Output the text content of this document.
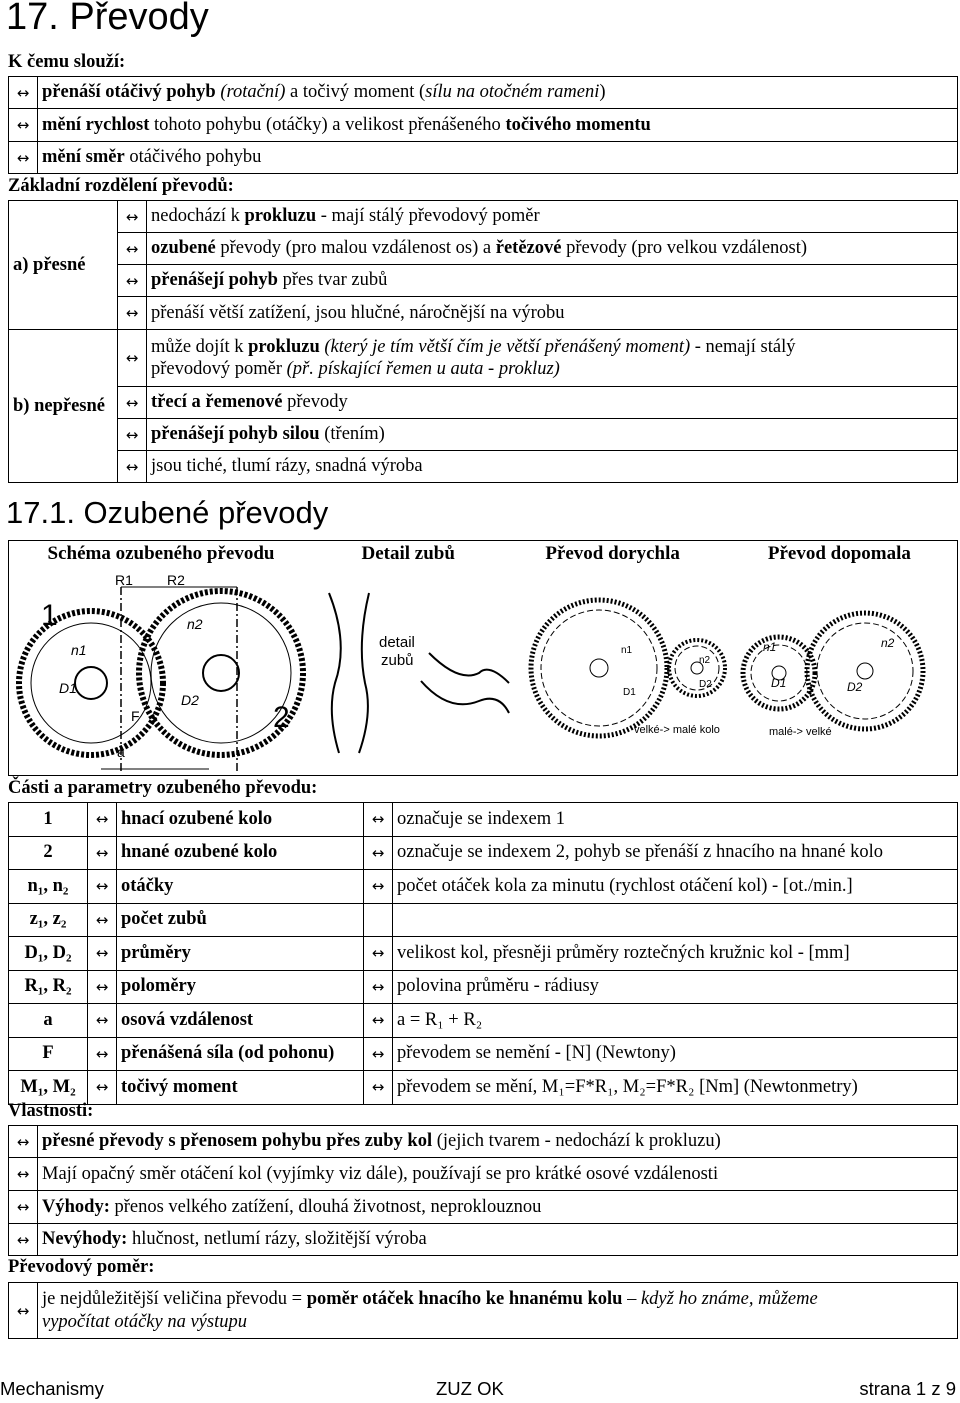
17. Převody
K čemu slouží:
↔	přenáší otáčivý pohyb (rotační) a točivý moment (sílu na otočném rameni)
↔	mění rychlost tohoto pohybu (otáčky) a velikost přenášeného točivého momentu
↔	mění směr otáčivého pohybu
Základní rozdělení převodů:
a) přesné	↔	nedochází k prokluzu - mají stálý převodový poměr
	↔	ozubené převody (pro malou vzdálenost os) a řetězové převody (pro velkou vzdálenost)
	↔	přenášejí pohyb přes tvar zubů
	↔	přenáší větší zatížení, jsou hlučné, náročnější na výrobu
b) nepřesné	↔	může dojít k prokluzu (který je tím větší čím je větší přenášený moment) - nemají stálý
převodový poměr (př. pískající řemen u auta - prokluz)
	↔	třecí a řemenové převody
	↔	přenášejí pohyb silou (třením)
	↔	jsou tiché, tlumí rázy, snadná výroba
17.1. Ozubené převody
Schéma ozubeného převodu	Detail zubů	Převod dorychla	Převod dopomala
R1 R2
1
2
n1
n2
D1
D2
F
a
detail
zubů
n1
n2
D1
D2
velké-> malé kolo
n1	n2
D1	D2
malé-> velké
Části a parametry ozubeného převodu:
1	↔	hnací ozubené kolo	↔	označuje se indexem 1
2	↔	hnané ozubené kolo	↔	označuje se indexem 2, pohyb se přenáší z hnacího na hnané kolo
n₁, n₂	↔	otáčky	↔	počet otáček kola za minutu (rychlost otáčení kol) - [ot./min.]
z₁, z₂	↔	počet zubů		
D₁, D₂	↔	průměry	↔	velikost kol, přesněji průměry roztečných kružnic kol - [mm]
R₁, R₂	↔	poloměry	↔	polovina průměru - rádiusy
a	↔	osová vzdálenost	↔	a = R₁ + R₂
F	↔	přenášená síla (od pohonu)	↔	převodem se nemění - [N] (Newtony)
M₁, M₂	↔	točivý moment	↔	převodem se mění, M₁=F*R₁, M₂=F*R₂ [Nm] (Newtonmetry)
Vlastnosti:
↔	přesné převody s přenosem pohybu přes zuby kol (jejich tvarem - nedochází k prokluzu)
↔	Mají opačný směr otáčení kol (vyjímky viz dále), používají se pro krátké osové vzdálenosti
↔	Výhody: přenos velkého zatížení, dlouhá životnost, neproklouznou
↔	Nevýhody: hlučnost, netlumí rázy, složitější výroba
Převodový poměr:
↔	je nejdůležitější veličina převodu = poměr otáček hnacího ke hnanému kolu – když ho známe, můžeme
vypočítat otáčky na výstupu
Mechanismy	ZUZ OK	strana 1 z 9
